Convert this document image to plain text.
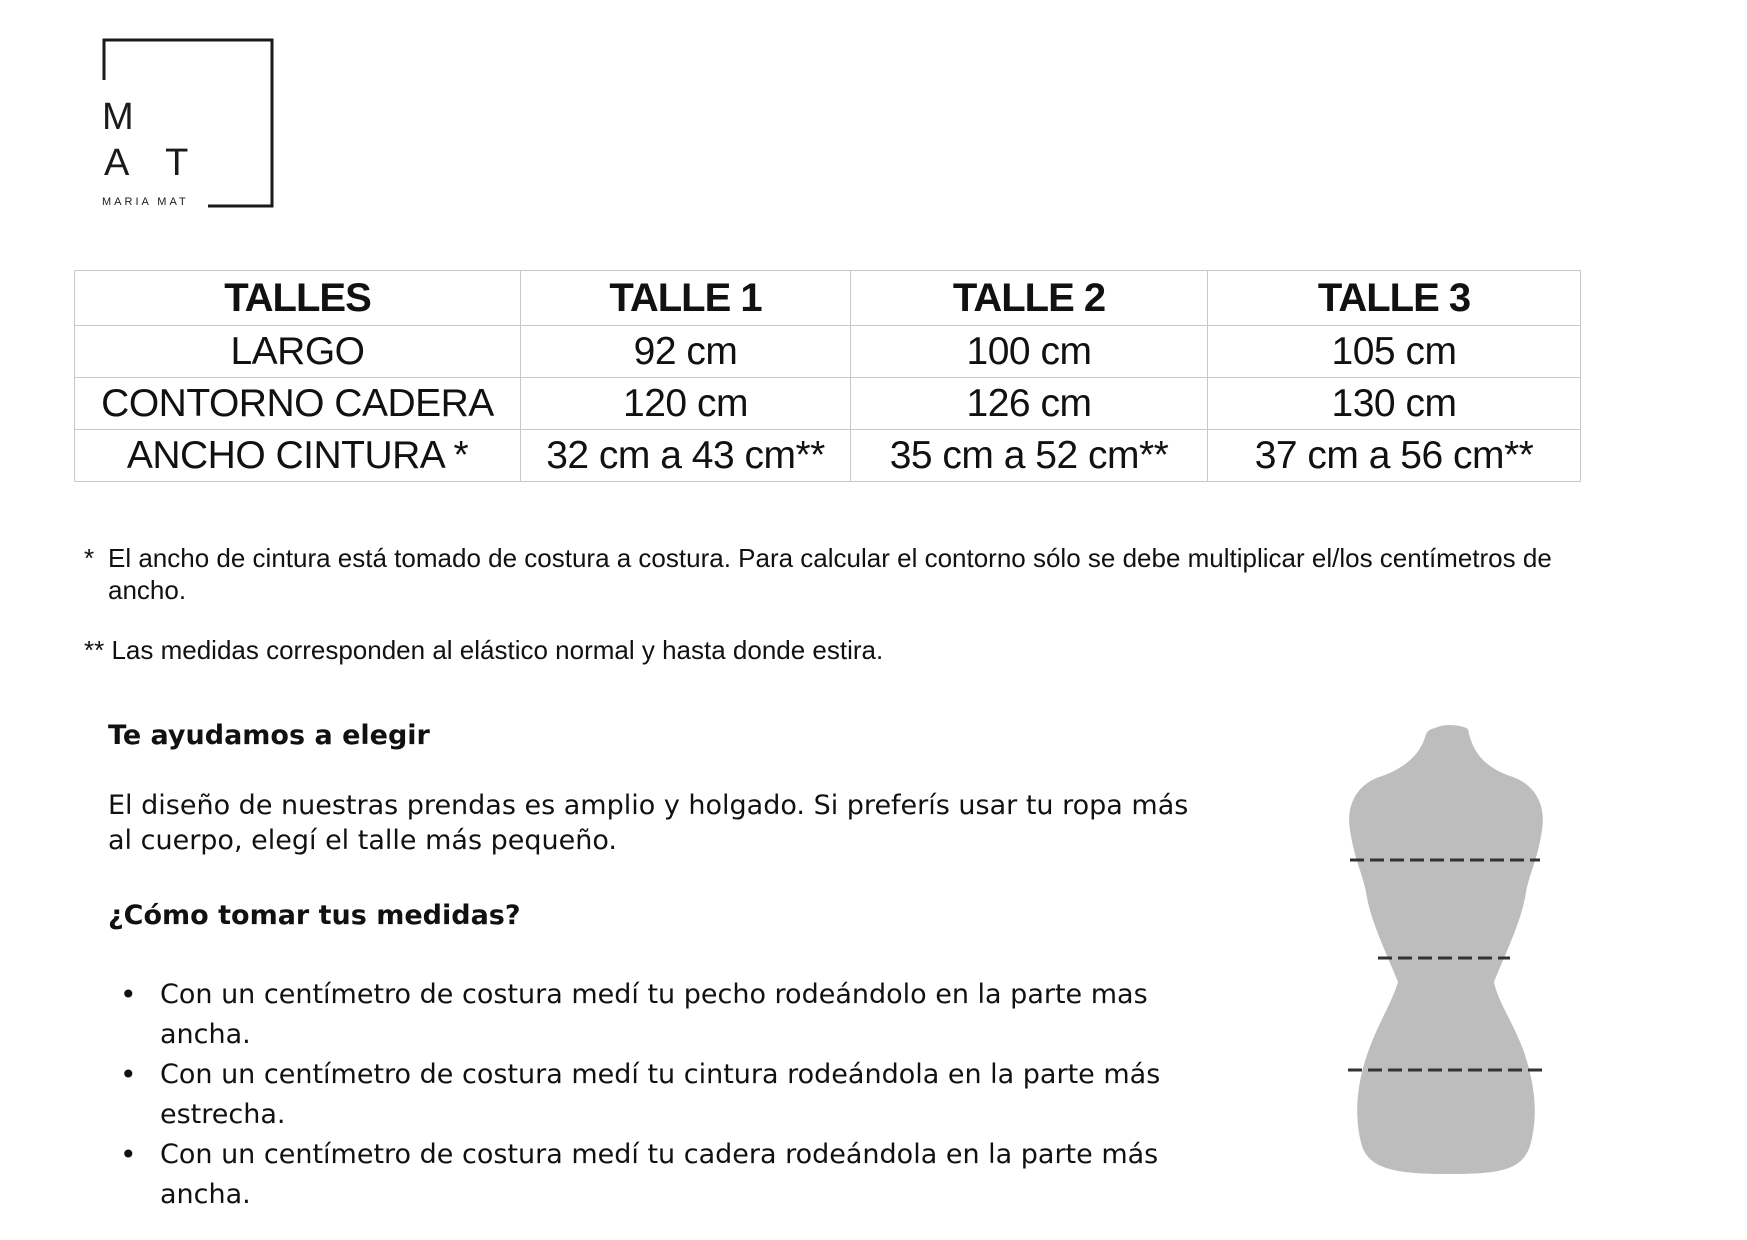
M
A T
MARIA MAT
TALLES	TALLE 1	TALLE 2	TALLE 3
LARGO	92 cm	100 cm	105 cm
CONTORNO CADERA	120 cm	126 cm	130 cm
ANCHO CINTURA *	32 cm a 43 cm**	35 cm a 52 cm**	37 cm a 56 cm**
* El ancho de cintura está tomado de costura a costura. Para calcular el contorno sólo se debe multiplicar el/los centímetros de ancho.
** Las medidas corresponden al elástico normal y hasta donde estira.
Te ayudamos a elegir
El diseño de nuestras prendas es amplio y holgado. Si preferís usar tu ropa más al cuerpo, elegí el talle más pequeño.
¿Cómo tomar tus medidas?
• Con un centímetro de costura medí tu pecho rodeándolo en la parte mas ancha.
• Con un centímetro de costura medí tu cintura rodeándola en la parte más estrecha.
• Con un centímetro de costura medí tu cadera rodeándola en la parte más ancha.
